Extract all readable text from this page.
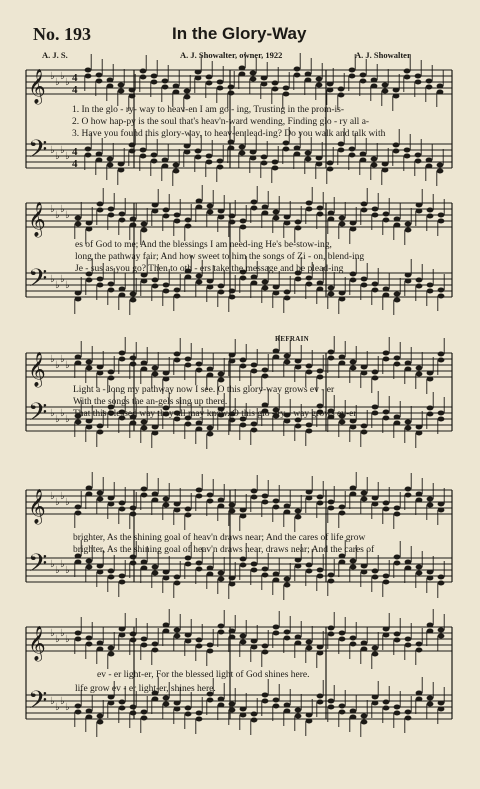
No. 193	In the Glory-Way
A. J. S.	A. J. Showalter, owner, 1922	A. J. Showalter
𝄞 ♭
♭
♭
♭ 4
4
𝄢 ♭
♭
♭
♭ 4
4
1. In the glo - ry- way to heav-en I am go - ing, Trusting in the prom-is-
2. O how hap-py is the soul that's heav'n-ward wending, Finding glo - ry all a-
3. Have you found this glory-way, to heav-en lead-ing? Do you walk and talk with
𝄞 ♭
♭
♭
♭
𝄢 ♭
♭
♭
♭
es of God to me; And the blessings I am need-ing He's be-stow-ing,
long the pathway fair; And how sweet to him the songs of Zi - on, blend-ing
Je - sus as you go? Then to oth - ers take the message and be plead-ing
REFRAIN
𝄞 ♭
♭
♭
♭
𝄢 ♭
♭
♭
♭
Light a - long my pathway now I see. O this glory-way grows ev - er
With the songs the an-gels sing up there.
That this blessed way they all may know. O this glo - ry - way grows ev-er
𝄞 ♭
♭
♭
♭
𝄢 ♭
♭
♭
♭
brighter, As the shining goal of heav'n draws near; And the cares of life grow
brighter, As the shining goal of heav'n draws near, draws near; And the cares of
𝄞 ♭
♭
♭
♭
𝄢 ♭
♭
♭
♭
ev - er light-er, For the blessed light of God shines here.
life grow ev - er light-er, shines here.
